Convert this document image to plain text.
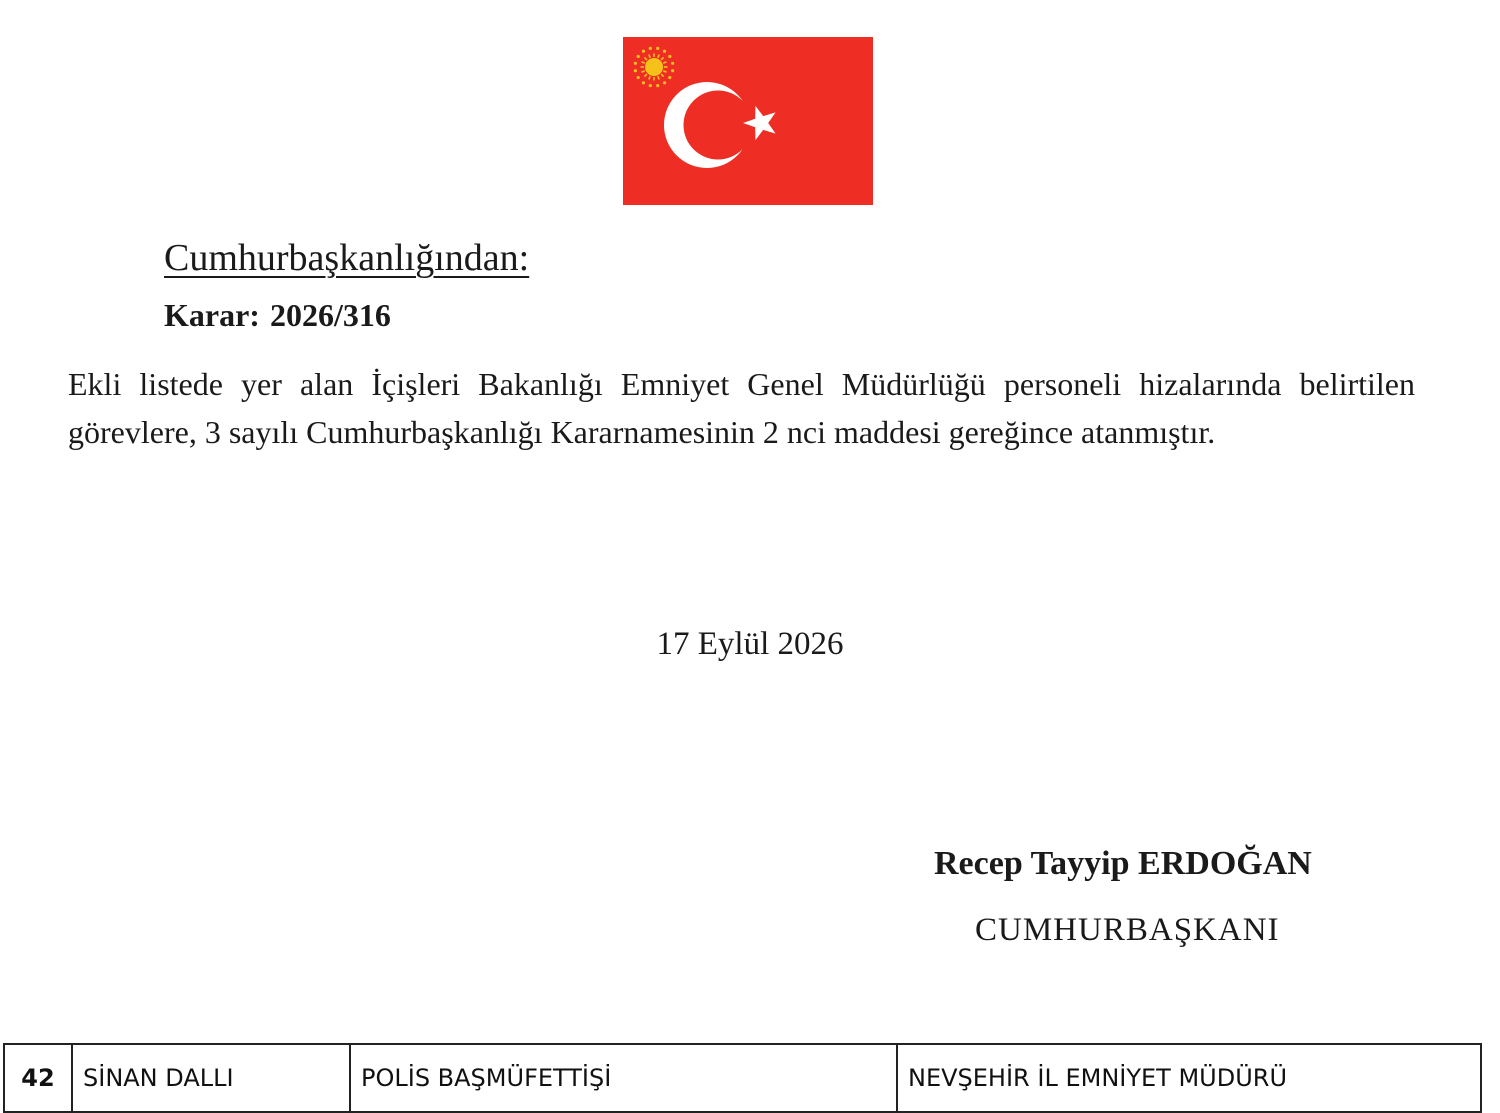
Cumhurbaşkanlığından:
Karar: 2026/316
Ekli listede yer alan İçişleri Bakanlığı Emniyet Genel Müdürlüğü personeli hizalarında belirtilen görevlere, 3 sayılı Cumhurbaşkanlığı Kararnamesinin 2 nci maddesi gereğince atanmıştır.
17 Eylül 2026
Recep Tayyip ERDOĞAN
CUMHURBAŞKANI
42	SİNAN DALLI	POLİS BAŞMÜFETTİŞİ	NEVŞEHİR İL EMNİYET MÜDÜRÜ
